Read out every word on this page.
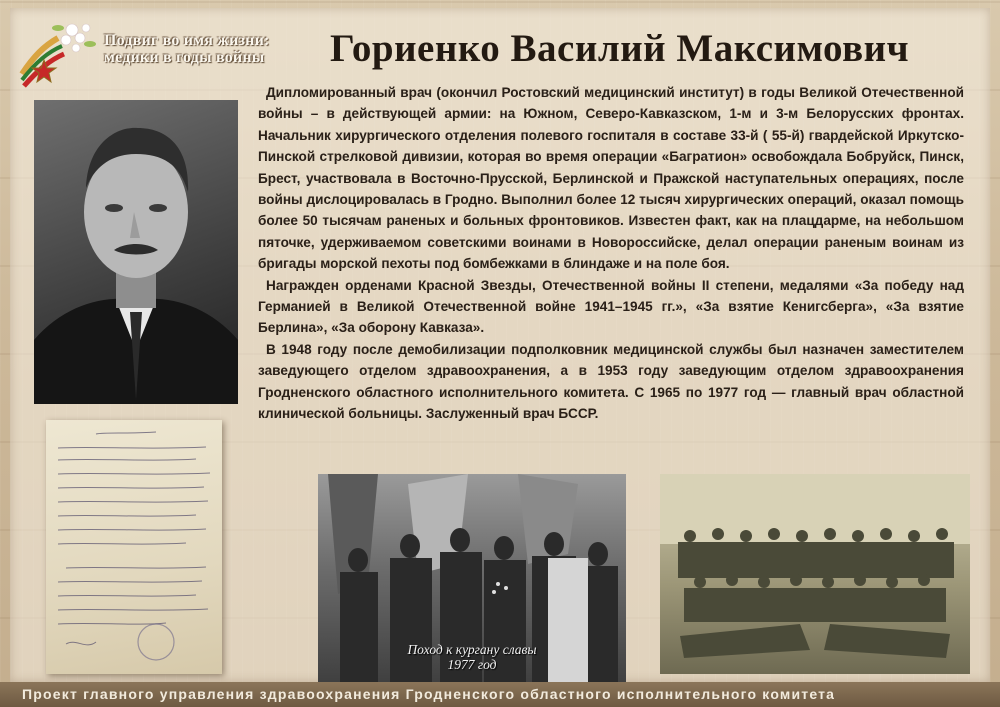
Подвиг во имя жизни:
медики в годы войны	Гориенко Василий Максимович

Дипломированный врач (окончил Ростовский медицинский институт) в годы Великой Отечественной войны – в действующей армии: на Южном, Северо-Кавказском, 1-м и 3-м Белорусских фронтах. Начальник хирургического отделения полевого госпиталя в составе 33-й ( 55-й) гвардейской Иркутско-Пинской стрелковой дивизии, которая во время операции «Багратион» освобождала Бобруйск, Пинск, Брест, участвовала в Восточно-Прусской, Берлинской и Пражской наступательных операциях, после войны дислоцировалась в Гродно. Выполнил более 12 тысяч хирургических операций, оказал помощь более 50 тысячам раненых и больных фронтовиков. Известен факт, как на плацдарме, на небольшом пяточке, удерживаемом советскими воинами в Новороссийске, делал операции раненым воинам из бригады морской пехоты под бомбежками в блиндаже и на поле боя.

Награжден орденами Красной Звезды, Отечественной войны II степени, медалями «За победу над Германией в Великой Отечественной войне 1941–1945 гг.», «За взятие Кенигсберга», «За взятие Берлина», «За оборону Кавказа».

В 1948 году после демобилизации подполковник медицинской службы был назначен заместителем заведующего отделом здравоохранения, а в 1953 году заведующим отделом здравоохранения Гродненского областного исполнительного комитета. С 1965 по 1977 год — главный врач областной клинической больницы. Заслуженный врач БССР.

Поход к кургану славы
1977 год
Проект главного управления здравоохранения Гродненского областного исполнительного комитета
